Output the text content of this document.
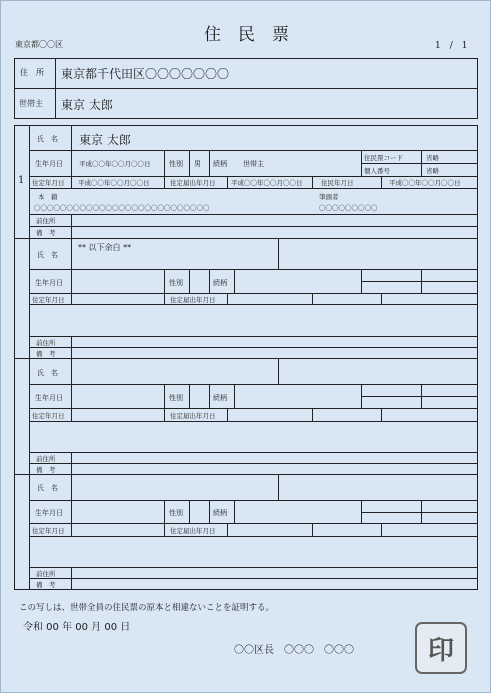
住　民　票
東京都〇〇区	1　/　1
住　所 東京都千代田区〇〇〇〇〇〇〇
世帯主 東京 太郎
1
氏　名 東京 太郎
生年月日 平成〇〇年〇〇月〇〇日	性別 男 続柄 世帯主
住民票コード	省略
個人番号	省略
住定年月日 平成〇〇年〇〇月〇〇日	住定届出年月日 平成〇〇年〇〇月〇〇日	住民年月日	平成〇〇年〇〇月〇〇日
本　籍
〇〇〇〇〇〇〇〇〇〇〇〇〇〇〇〇〇〇〇〇〇〇〇〇〇〇〇
筆頭者
〇〇〇〇〇〇〇〇〇
前住所
備　考
氏　名
** 以下余白 **
生年月日	性別	続柄
住定年月日	住定届出年月日
前住所
備　考
氏　名
生年月日	性別	続柄
住定年月日	住定届出年月日
前住所
備　考
氏　名
生年月日	性別	続柄
住定年月日	住定届出年月日
前住所
備　考
この写しは、世帯全員の住民票の原本と相違ないことを証明する。
令和 00 年 00 月 00 日
〇〇区長　〇〇〇　〇〇〇	印
